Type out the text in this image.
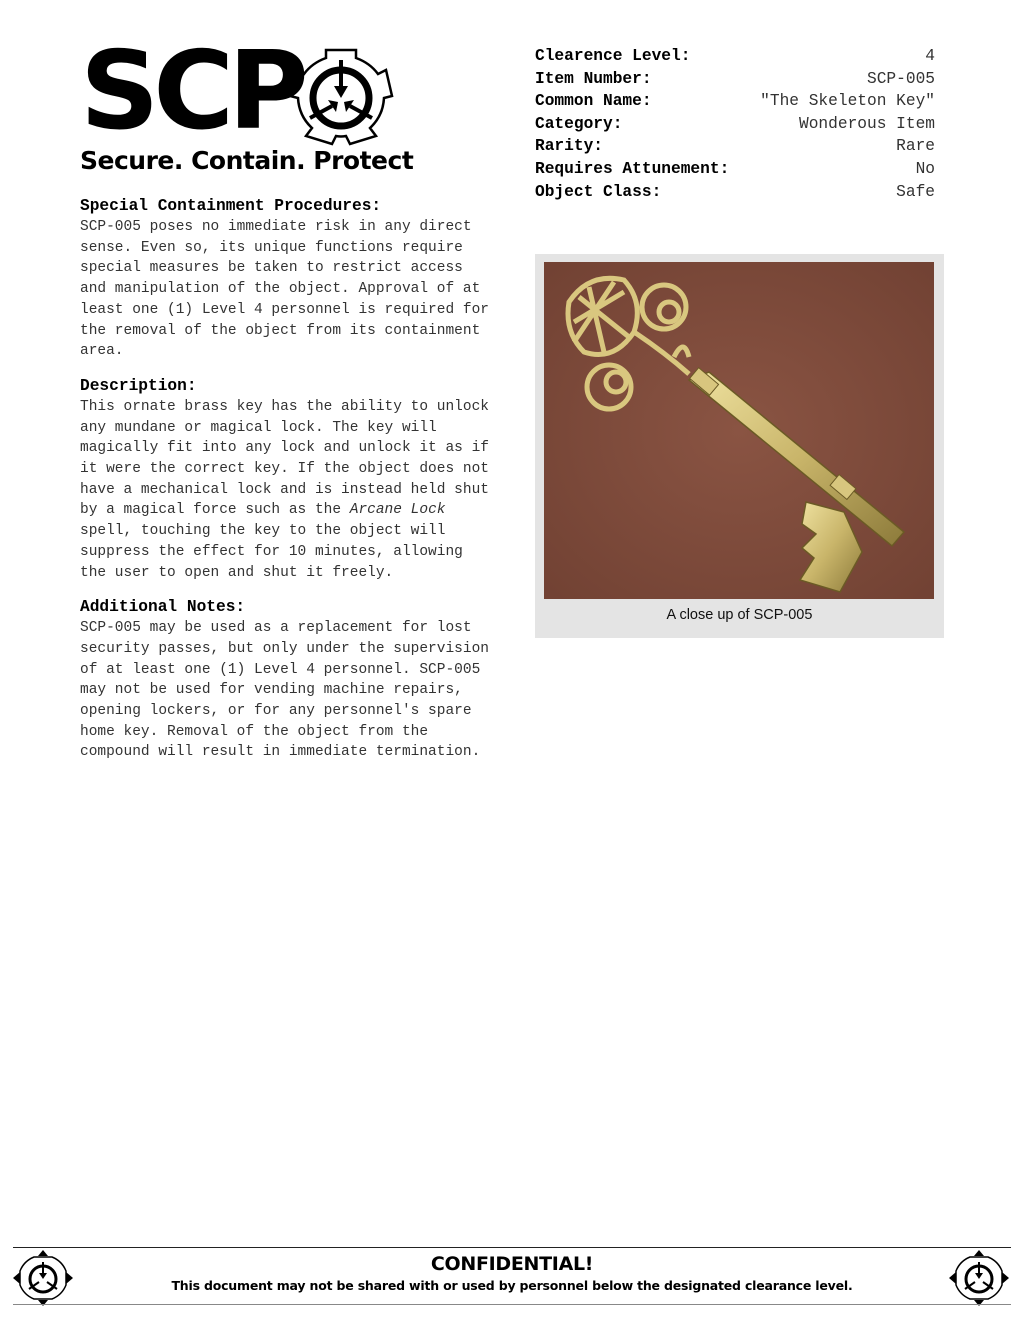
SCP
Secure. Contain. Protect
Clearence Level:	4
Item Number:	SCP-005
Common Name:	"The Skeleton Key"
Category:	Wonderous Item
Rarity:	Rare
Requires Attunement:	No
Object Class:	Safe
Special Containment Procedures:

SCP-005 poses no immediate risk in any direct sense. Even so, its unique functions require special measures be taken to restrict access and manipulation of the object. Approval of at least one (1) Level 4 personnel is required for the removal of the object from its containment area.

Description:

This ornate brass key has the ability to unlock any mundane or magical lock. The key will magically fit into any lock and unlock it as if it were the correct key. If the object does not have a mechanical lock and is instead held shut by a magical force such as the Arcane Lock spell, touching the key to the object will suppress the effect for 10 minutes, allowing the user to open and shut it freely.

Additional Notes:

SCP-005 may be used as a replacement for lost security passes, but only under the supervision of at least one (1) Level 4 personnel. SCP-005 may not be used for vending machine repairs, opening lockers, or for any personnel's spare home key. Removal of the object from the compound will result in immediate termination.

A close up of SCP-005
CONFIDENTIAL!
This document may not be shared with or used by personnel below the designated clearance level.
